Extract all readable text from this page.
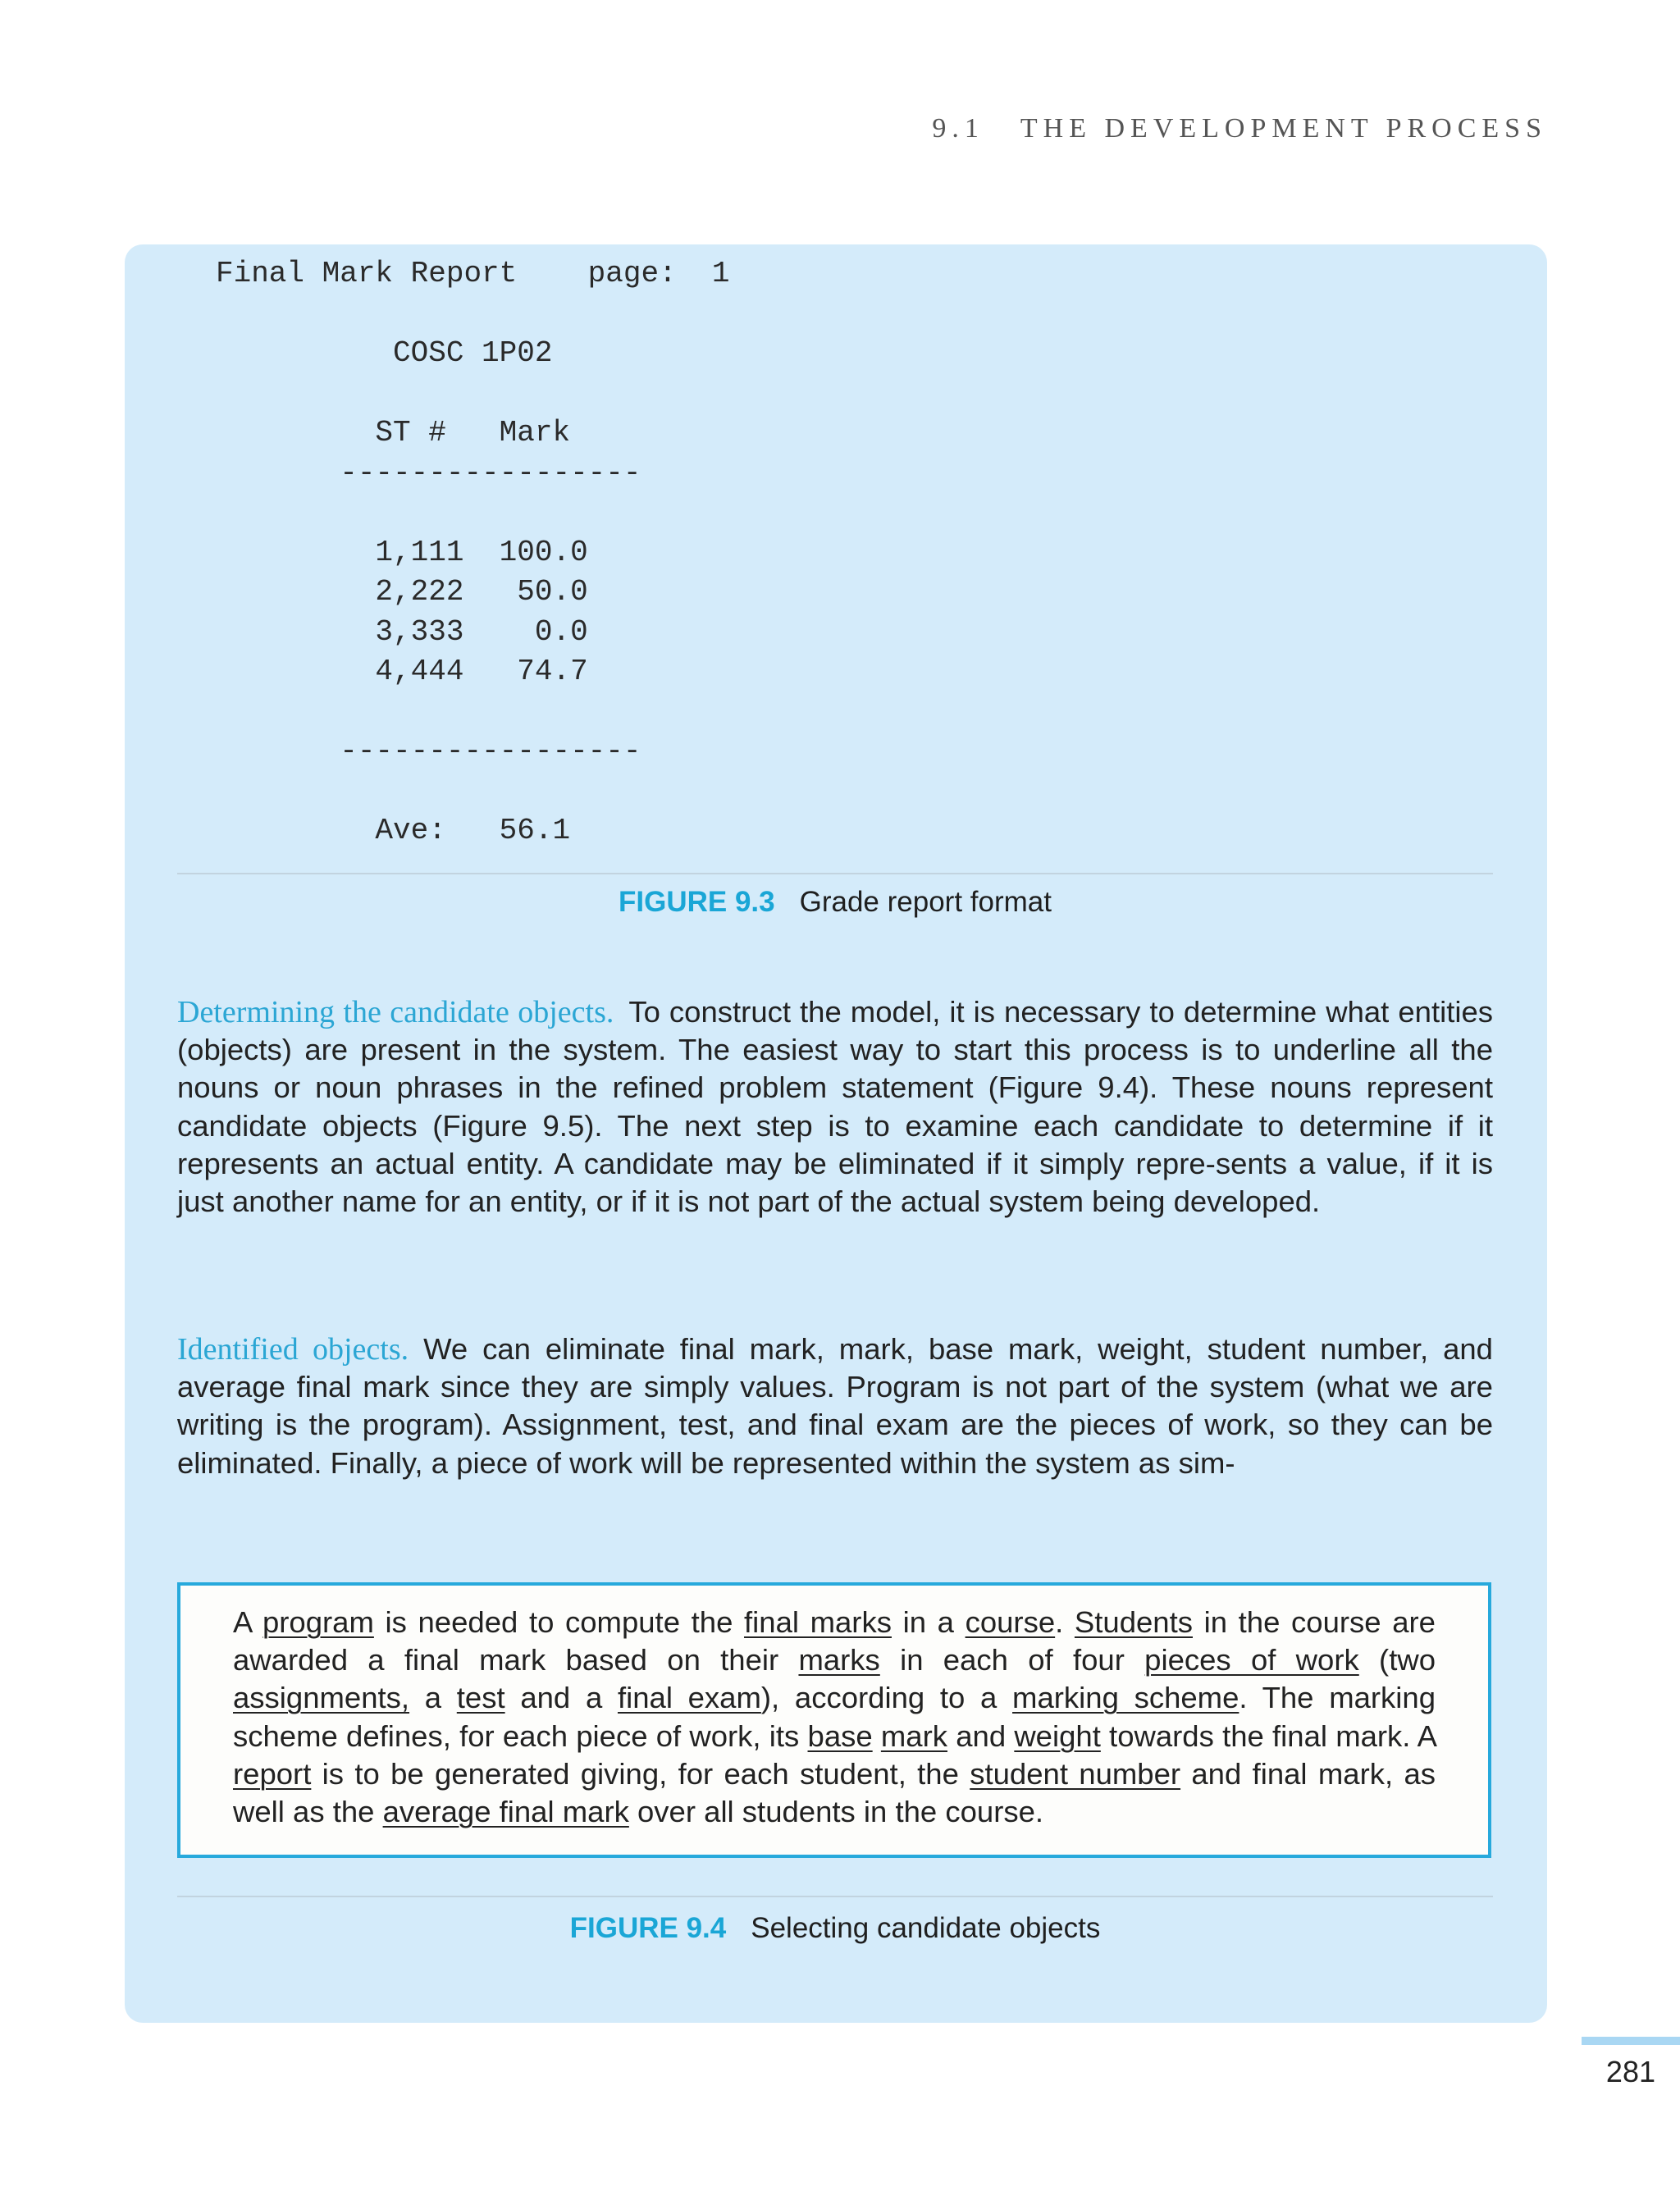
9.1 THE DEVELOPMENT PROCESS
Final Mark Report    page:  1

COSC 1P02

ST #   Mark
-----------------

1,111  100.0
2,222   50.0
3,333    0.0
4,444   74.7

-----------------

Ave:   56.1
FIGURE 9.3 Grade report format

Determining the candidate objects. To construct the model, it is necessary to determine what entities (objects) are present in the system. The easiest way to start this process is to underline all the nouns or noun phrases in the refined problem statement (Figure 9.4). These nouns represent candidate objects (Figure 9.5). The next step is to examine each candidate to determine if it represents an actual entity. A candidate may be eliminated if it simply repre-sents a value, if it is just another name for an entity, or if it is not part of the actual system being developed.

Identified objects. We can eliminate final mark, mark, base mark, weight, student number, and average final mark since they are simply values. Program is not part of the system (what we are writing is the program). Assignment, test, and final exam are the pieces of work, so they can be eliminated. Finally, a piece of work will be represented within the system as sim-

A program is needed to compute the final marks in a course. Students in the course are awarded a final mark based on their marks in each of four pieces of work (two assignments, a test and a final exam), according to a marking scheme. The marking scheme defines, for each piece of work, its base mark and weight towards the final mark. A report is to be generated giving, for each student, the student number and final mark, as well as the average final mark over all students in the course.

FIGURE 9.4 Selecting candidate objects
281
